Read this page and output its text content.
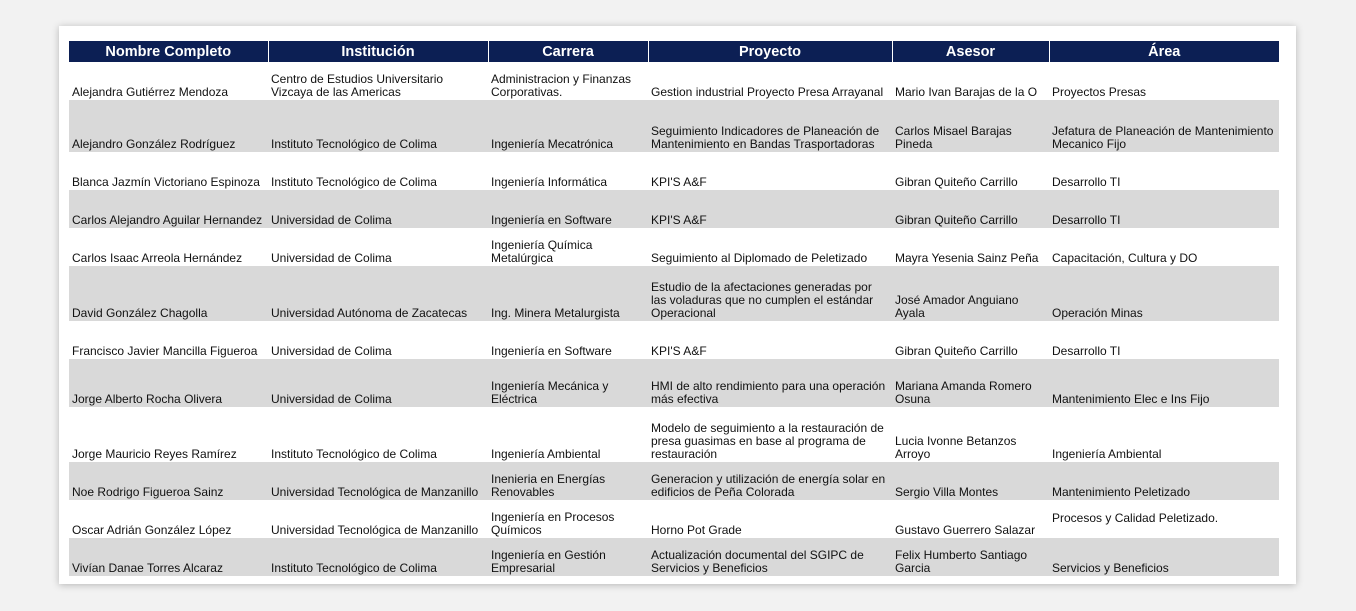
Nombre Completo	Institución	Carrera	Proyecto	Asesor	Área
Alejandra Gutiérrez Mendoza	Centro de Estudios Universitario Vizcaya de las Americas	Administracion y Finanzas Corporativas.	Gestion industrial Proyecto Presa Arrayanal	Mario Ivan Barajas de la O	Proyectos Presas
Alejandro González Rodríguez	Instituto Tecnológico de Colima	Ingeniería Mecatrónica	Seguimiento Indicadores de Planeación de Mantenimiento en Bandas Trasportadoras	Carlos Misael Barajas Pineda	Jefatura de Planeación de Mantenimiento Mecanico Fijo
Blanca Jazmín Victoriano Espinoza	Instituto Tecnológico de Colima	Ingeniería Informática	KPI'S A&F	Gibran Quiteño Carrillo	Desarrollo TI
Carlos Alejandro Aguilar Hernandez	Universidad de Colima	Ingeniería en Software	KPI'S A&F	Gibran Quiteño Carrillo	Desarrollo TI
Carlos Isaac Arreola Hernández	Universidad de Colima	Ingeniería Química Metalúrgica	Seguimiento al Diplomado de Peletizado	Mayra Yesenia Sainz Peña	Capacitación, Cultura y DO
David González Chagolla	Universidad Autónoma de Zacatecas	Ing. Minera Metalurgista	Estudio de la afectaciones generadas por las voladuras que no cumplen el estándar Operacional	José Amador Anguiano Ayala	Operación Minas
Francisco Javier Mancilla Figueroa	Universidad de Colima	Ingeniería en Software	KPI'S A&F	Gibran Quiteño Carrillo	Desarrollo TI
Jorge Alberto Rocha Olivera	Universidad de Colima	Ingeniería Mecánica y Eléctrica	HMI de alto rendimiento para una operación más efectiva	Mariana Amanda Romero Osuna	Mantenimiento Elec e Ins Fijo
Jorge Mauricio Reyes Ramírez	Instituto Tecnológico de Colima	Ingeniería Ambiental	Modelo de seguimiento a la restauración de presa guasimas en base al programa de restauración	Lucia Ivonne Betanzos Arroyo	Ingeniería Ambiental
Noe Rodrigo Figueroa Sainz	Universidad Tecnológica de Manzanillo	Inenieria en Energías Renovables	Generacion y utilización de energía solar en edificios de Peña Colorada	Sergio Villa Montes	Mantenimiento Peletizado
Oscar Adrián González López	Universidad Tecnológica de Manzanillo	Ingeniería en Procesos Químicos	Horno Pot Grade	Gustavo Guerrero Salazar	Procesos y Calidad Peletizado.
Vivían Danae Torres Alcaraz	Instituto Tecnológico de Colima	Ingeniería en Gestión Empresarial	Actualización documental del SGIPC de Servicios y Beneficios	Felix Humberto Santiago Garcia	Servicios y Beneficios
